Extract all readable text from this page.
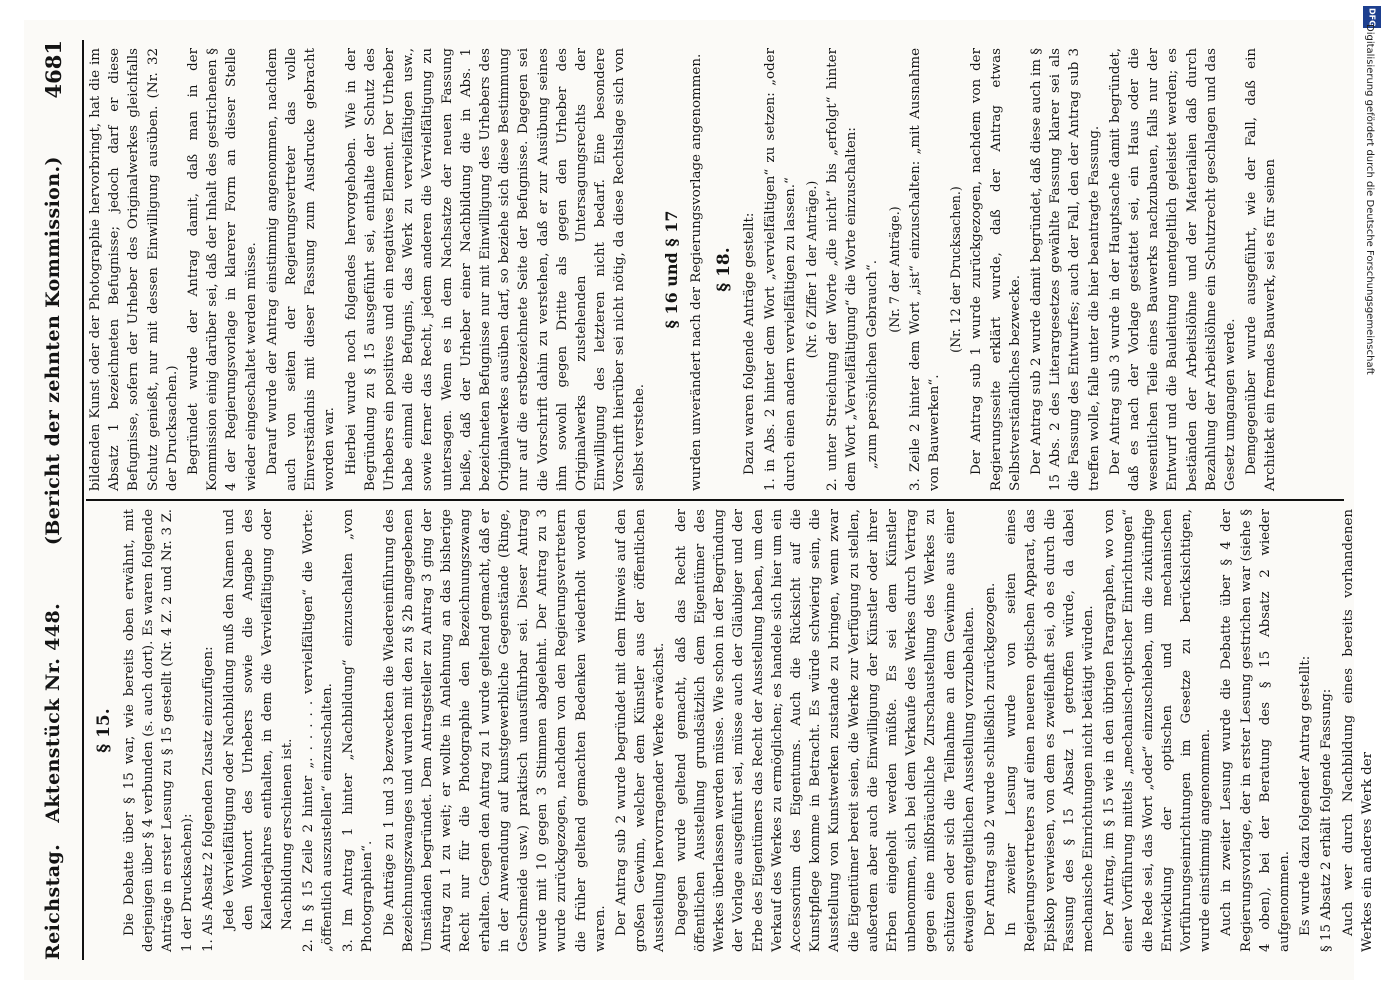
Reichstag.   Aktenstück Nr. 448.
(Bericht der zehnten Kommission.)
4681
§ 15. Die Debatte über § 15 war, wie bereits oben erwähnt, mit derjenigen über § 4 verbunden (s. auch dort). Es waren folgende Anträge in erster Lesung zu § 15 gestellt (Nr. 4 Z. 2 und Nr. 3 Z. 1 der Drucksachen): 1. Als Absatz 2 folgenden Zusatz einzufügen: Jede Vervielfältigung oder Nachbildung muß den Namen und den Wohnort des Urhebers sowie die Angabe des Kalenderjahres enthalten, in dem die Vervielfältigung oder Nachbildung erschienen ist. 2. In § 15 Zeile 2 hinter „. . . . . . vervielfältigen“ die Worte: „öffentlich auszustellen“ einzuschalten. 3. Im Antrag 1 hinter „Nachbildung“ einzuschalten „von Photographien“. Die Anträge zu 1 und 3 bezweckten die Wiedereinführung des Bezeichnungszwanges und wurden mit den zu § 2b angegebenen Umständen begründet. Dem Antragsteller zu Antrag 3 ging der Antrag zu 1 zu weit; er wollte in Anlehnung an das bisherige Recht nur für die Photographie den Bezeichnungszwang erhalten. Gegen den Antrag zu 1 wurde geltend gemacht, daß er in der Anwendung auf kunstgewerbliche Gegenstände (Ringe, Geschmeide usw.) praktisch unausführbar sei. Dieser Antrag wurde mit 10 gegen 3 Stimmen abgelehnt. Der Antrag zu 3 wurde zurückgezogen, nachdem von den Regierungsvertretern die früher geltend gemachten Bedenken wiederholt worden waren. Der Antrag sub 2 wurde begründet mit dem Hinweis auf den großen Gewinn, welcher dem Künstler aus der öffentlichen Ausstellung hervorragender Werke erwächst. Dagegen wurde geltend gemacht, daß das Recht der öffentlichen Ausstellung grundsätzlich dem Eigentümer des Werkes überlassen werden müsse. Wie schon in der Begründung der Vorlage ausgeführt sei, müsse auch der Gläubiger und der Erbe des Eigentümers das Recht der Ausstellung haben, um den Verkauf des Werkes zu ermöglichen; es handele sich hier um ein Accessorium des Eigentums. Auch die Rücksicht auf die Kunstpflege komme in Betracht. Es würde schwierig sein, die Ausstellung von Kunstwerken zustande zu bringen, wenn zwar die Eigentümer bereit seien, die Werke zur Verfügung zu stellen, außerdem aber auch die Einwilligung der Künstler oder ihrer Erben eingeholt werden müßte. Es sei dem Künstler unbenommen, sich bei dem Verkaufe des Werkes durch Vertrag gegen eine mißbräuchliche Zurschaustellung des Werkes zu schützen oder sich die Teilnahme an dem Gewinne aus einer etwaigen entgeltlichen Ausstellung vorzubehalten. Der Antrag sub 2 wurde schließlich zurückgezogen. In zweiter Lesung wurde von seiten eines Regierungsvertreters auf einen neueren optischen Apparat, das Episkop verwiesen, von dem es zweifelhaft sei, ob es durch die Fassung des § 15 Absatz 1 getroffen würde, da dabei mechanische Einrichtungen nicht betätigt würden. Der Antrag, im § 15 wie in den übrigen Paragraphen, wo von einer Vorführung mittels „mechanisch-optischer Einrichtungen“ die Rede sei, das Wort „oder“ einzuschieben, um die zukünftige Entwicklung der optischen und mechanischen Vorführungseinrichtungen im Gesetze zu berücksichtigen, wurde einstimmig angenommen. Auch in zweiter Lesung wurde die Debatte über § 4 der Regierungsvorlage, der in erster Lesung gestrichen war (siehe § 4 oben), bei der Beratung des § 15 Absatz 2 wieder aufgenommen. Es wurde dazu folgender Antrag gestellt: § 15 Absatz 2 erhält folgende Fassung: Auch wer durch Nachbildung eines bereits vorhandenen Werkes ein anderes Werk der

bildenden Kunst oder der Photographie hervorbringt, hat die im Absatz 1 bezeichneten Befugnisse; jedoch darf er diese Befugnisse, sofern der Urheber des Originalwerkes gleichfalls Schutz genießt, nur mit dessen Einwilligung ausüben. (Nr. 32 der Drucksachen.) Begründet wurde der Antrag damit, daß man in der Kommission einig darüber sei, daß der Inhalt des gestrichenen § 4 der Regierungsvorlage in klarerer Form an dieser Stelle wieder eingeschaltet werden müsse. Darauf wurde der Antrag einstimmig angenommen, nachdem auch von seiten der Regierungsvertreter das volle Einverständnis mit dieser Fassung zum Ausdrucke gebracht worden war. Hierbei wurde noch folgendes hervorgehoben. Wie in der Begründung zu § 15 ausgeführt sei, enthalte der Schutz des Urhebers ein positives und ein negatives Element. Der Urheber habe einmal die Befugnis, das Werk zu vervielfältigen usw., sowie ferner das Recht, jedem anderen die Vervielfältigung zu untersagen. Wenn es in dem Nachsatze der neuen Fassung heiße, daß der Urheber einer Nachbildung die in Abs. 1 bezeichneten Befugnisse nur mit Einwilligung des Urhebers des Originalwerkes ausüben darf, so beziehe sich diese Bestimmung nur auf die erstbezeichnete Seite der Befugnisse. Dagegen sei die Vorschrift dahin zu verstehen, daß er zur Ausübung seines ihm sowohl gegen Dritte als gegen den Urheber des Originalwerks zustehenden Untersagungsrechts der Einwilligung des letzteren nicht bedarf. Eine besondere Vorschrift hierüber sei nicht nötig, da diese Rechtslage sich von selbst verstehe.

§ 16 und § 17 wurden unverändert nach der Regierungsvorlage angenommen. § 18. Dazu waren folgende Anträge gestellt: 1. in Abs. 2 hinter dem Wort „vervielfältigen“ zu setzen: „oder durch einen andern vervielfältigen zu lassen.“ (Nr. 6 Ziffer 1 der Anträge.) 2. unter Streichung der Worte „die nicht“ bis „erfolgt“ hinter dem Wort „Vervielfältigung“ die Worte einzuschalten: „zum persönlichen Gebrauch“. (Nr. 7 der Anträge.) 3. Zeile 2 hinter dem Wort „ist“ einzuschalten: „mit Ausnahme von Bauwerken“.

(Nr. 12 der Drucksachen.) Der Antrag sub 1 wurde zurückgezogen, nachdem von der Regierungsseite erklärt wurde, daß der Antrag etwas Selbstverständliches bezwecke. Der Antrag sub 2 wurde damit begründet, daß diese auch im § 15 Abs. 2 des Literargesetzes gewählte Fassung klarer sei als die Fassung des Entwurfes; auch der Fall, den der Antrag sub 3 treffen wolle, falle unter die hier beantragte Fassung. Der Antrag sub 3 wurde in der Hauptsache damit begründet, daß es nach der Vorlage gestattet sei, ein Haus oder die wesentlichen Teile eines Bauwerks nachzubauen, falls nur der Entwurf und die Bauleitung unentgeltlich geleistet werden; es beständen der Arbeitslöhne und der Materialien daß durch Bezahlung der Arbeitslöhne ein Schutzrecht geschlagen und das Gesetz umgangen werde. Demgegenüber wurde ausgeführt, wie der Fall, daß ein Architekt ein fremdes Bauwerk, sei es für seinen

DFG
Digitalisierung gefördert durch die Deutsche Forschungsgemeinschaft
